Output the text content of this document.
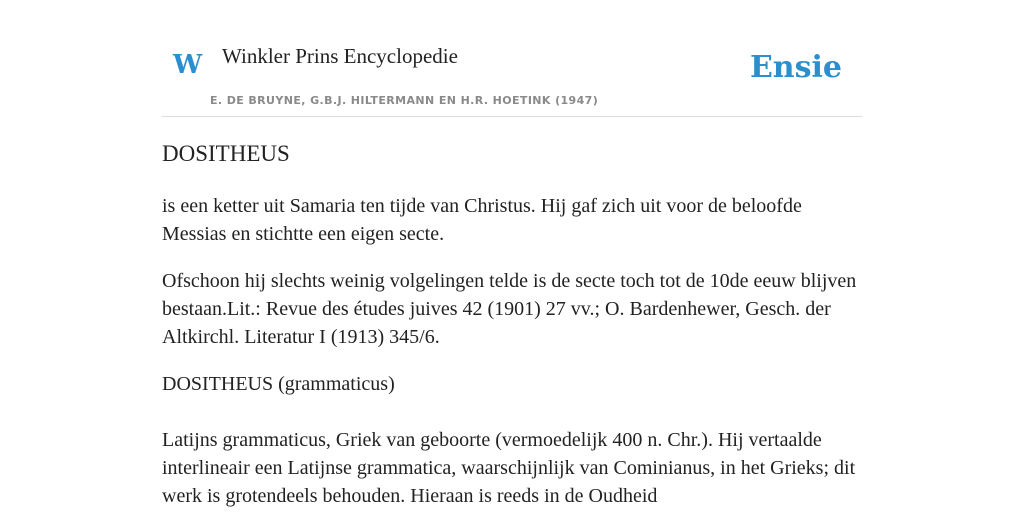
W Winkler Prins Encyclopedie
E. DE BRUYNE, G.B.J. HILTERMANN EN H.R. HOETINK (1947)
Ensie
DOSITHEUS

is een ketter uit Samaria ten tijde van Christus. Hij gaf zich uit voor de beloofde Messias en stichtte een eigen secte.

Ofschoon hij slechts weinig volgelingen telde is de secte toch tot de 10de eeuw blijven bestaan.Lit.: Revue des études juives 42 (1901) 27 vv.; O. Bardenhewer, Gesch. der Altkirchl. Literatur I (1913) 345/6.

DOSITHEUS (grammaticus)

Latijns grammaticus, Griek van geboorte (vermoedelijk 400 n. Chr.). Hij vertaalde interlineair een Latijnse grammatica, waarschijnlijk van Cominianus, in het Grieks; dit werk is grotendeels behouden. Hieraan is reeds in de Oudheid
